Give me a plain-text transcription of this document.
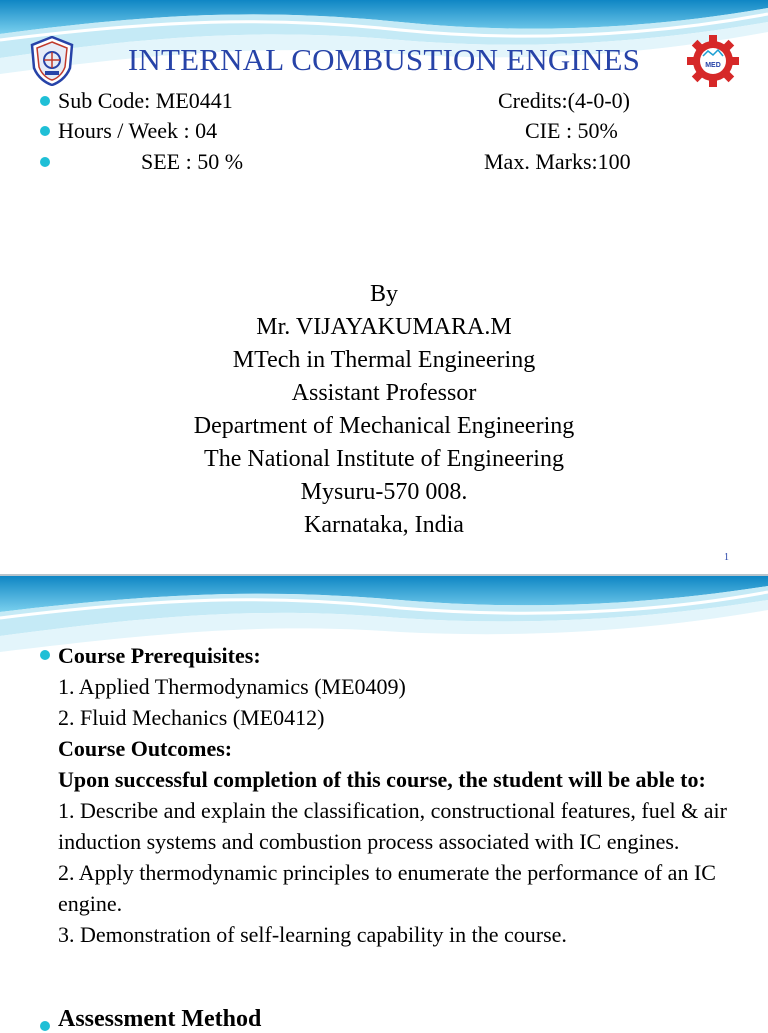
INTERNAL COMBUSTION ENGINES	MED
Sub Code: ME0441	Credits:(4-0-0)
Hours / Week : 04	CIE : 50%
SEE : 50 %	Max. Marks:100
By
Mr. VIJAYAKUMARA.M
MTech in Thermal Engineering
Assistant Professor
Department of Mechanical Engineering
The National Institute of Engineering
Mysuru-570 008.
Karnataka, India
1
Course Prerequisites:
1. Applied Thermodynamics (ME0409)
2. Fluid Mechanics (ME0412)
Course Outcomes:
Upon successful completion of this course, the student will be able to:
1. Describe and explain the classification, constructional features, fuel & air induction systems and combustion process associated with IC engines.
2. Apply thermodynamic principles to enumerate the performance of an IC engine.
3. Demonstration of self-learning capability in the course.
Assessment Method
